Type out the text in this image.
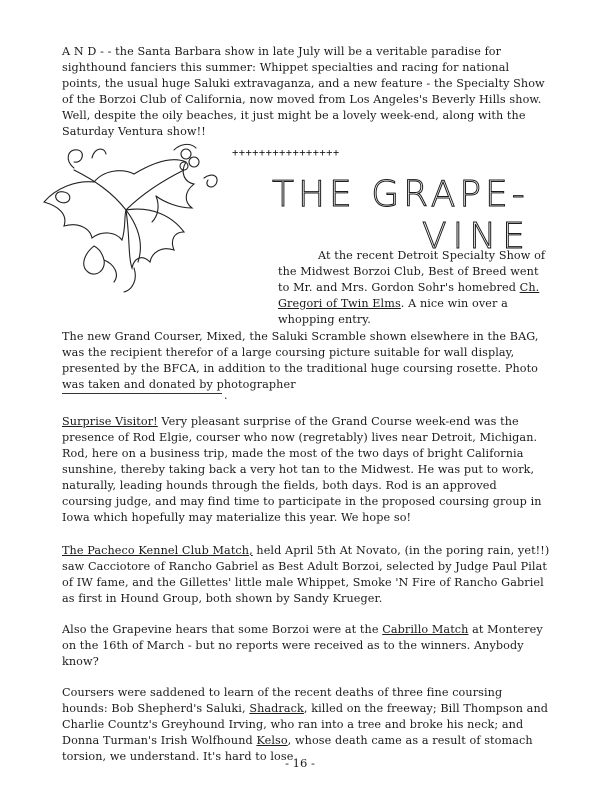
A N D - - the Santa Barbara show in late July will be a veritable paradise for sighthound fanciers this summer: Whippet specialties and racing for national points, the usual huge Saluki extravaganza, and a new feature - the Specialty Show of the Borzoi Club of California, now moved from Los Angeles's Beverly Hills show. Well, despite the oily beaches, it just might be a lovely week-end, along with the Saturday Ventura show!!

++++++++++++++++
THE GRAPE-
VINE

At the recent Detroit Specialty Show of the Midwest Borzoi Club, Best of Breed went to Mr. and Mrs. Gordon Sohr's homebred Ch. Gregori of Twin Elms. A nice win over a whopping entry.

The new Grand Courser, Mixed, the Saluki Scramble shown elsewhere in the BAG, was the recipient therefor of a large coursing picture suitable for wall display, presented by the BFCA, in addition to the traditional huge coursing rosette. Photo was taken and donated by photographer

.

Surprise Visitor! Very pleasant surprise of the Grand Course week-end was the presence of Rod Elgie, courser who now (regretably) lives near Detroit, Michigan. Rod, here on a business trip, made the most of the two days of bright California sunshine, thereby taking back a very hot tan to the Midwest. He was put to work, naturally, leading hounds through the fields, both days. Rod is an approved coursing judge, and may find time to participate in the proposed coursing group in Iowa which hopefully may materialize this year. We hope so!

The Pacheco Kennel Club Match, held April 5th At Novato, (in the poring rain, yet!!) saw Cacciotore of Rancho Gabriel as Best Adult Borzoi, selected by Judge Paul Pilat of IW fame, and the Gillettes' little male Whippet, Smoke 'N Fire of Rancho Gabriel as first in Hound Group, both shown by Sandy Krueger.

Also the Grapevine hears that some Borzoi were at the Cabrillo Match at Monterey on the 16th of March - but no reports were received as to the winners. Anybody know?

Coursers were saddened to learn of the recent deaths of three fine coursing hounds: Bob Shepherd's Saluki, Shadrack, killed on the freeway; Bill Thompson and Charlie Countz's Greyhound Irving, who ran into a tree and broke his neck; and Donna Turman's Irish Wolfhound Kelso, whose death came as a result of stomach torsion, we understand. It's hard to lose

- 16 -
